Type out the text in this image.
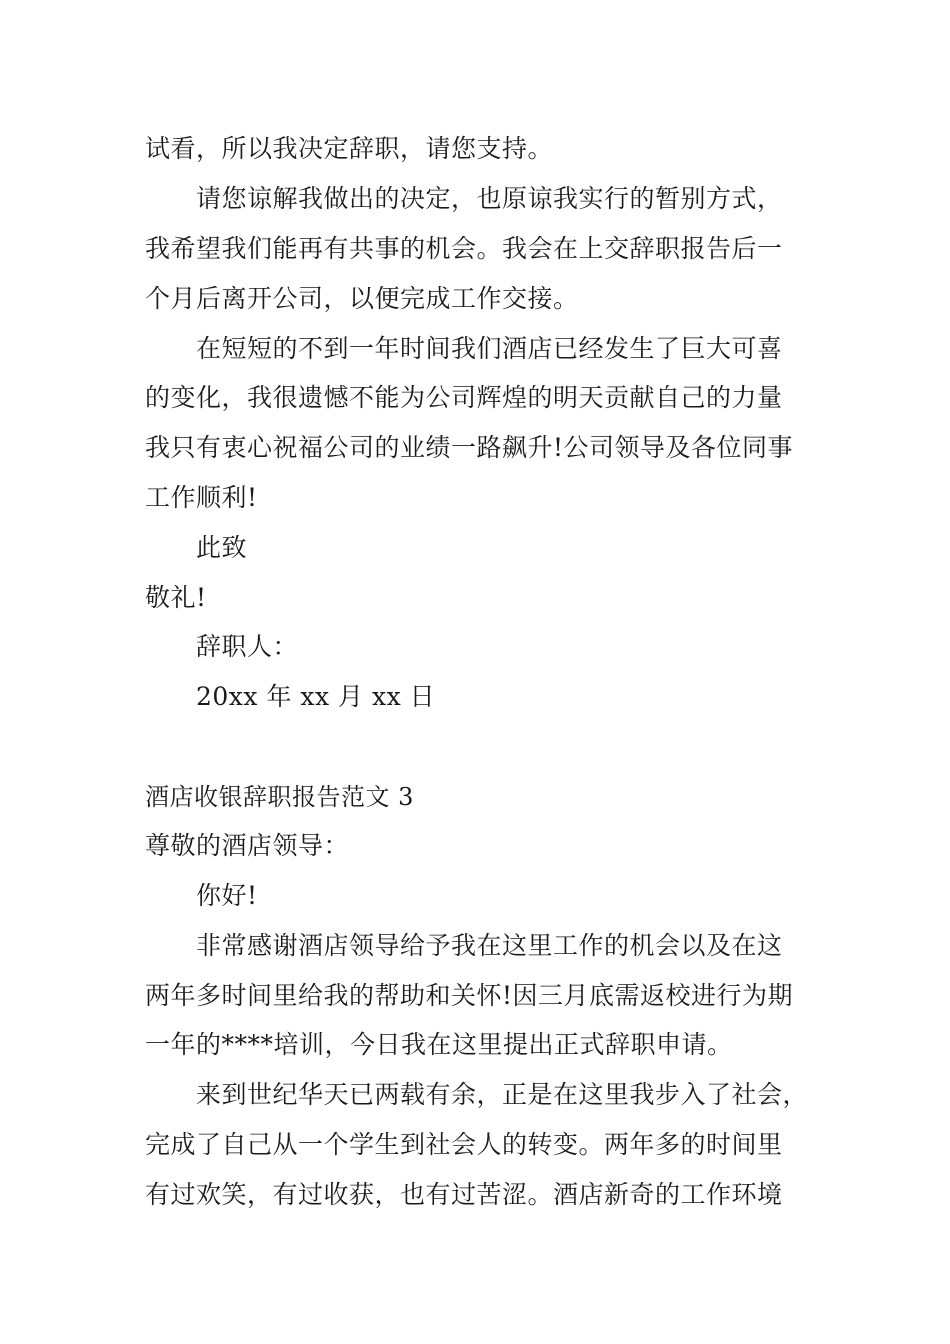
试看，所以我决定辞职，请您支持。
请您谅解我做出的决定，也原谅我实行的暂别方式，
我希望我们能再有共事的机会。我会在上交辞职报告后一
个月后离开公司，以便完成工作交接。
在短短的不到一年时间我们酒店已经发生了巨大可喜
的变化，我很遗憾不能为公司辉煌的明天贡献自己的力量
我只有衷心祝福公司的业绩一路飙升!公司领导及各位同事
工作顺利!
此致
敬礼!
辞职人：
20xx 年 xx 月 xx 日
酒店收银辞职报告范文 3
尊敬的酒店领导：
你好!
非常感谢酒店领导给予我在这里工作的机会以及在这
两年多时间里给我的帮助和关怀!因三月底需返校进行为期
一年的****培训，今日我在这里提出正式辞职申请。
来到世纪华天已两载有余，正是在这里我步入了社会，
完成了自己从一个学生到社会人的转变。两年多的时间里
有过欢笑，有过收获，也有过苦涩。酒店新奇的工作环境
